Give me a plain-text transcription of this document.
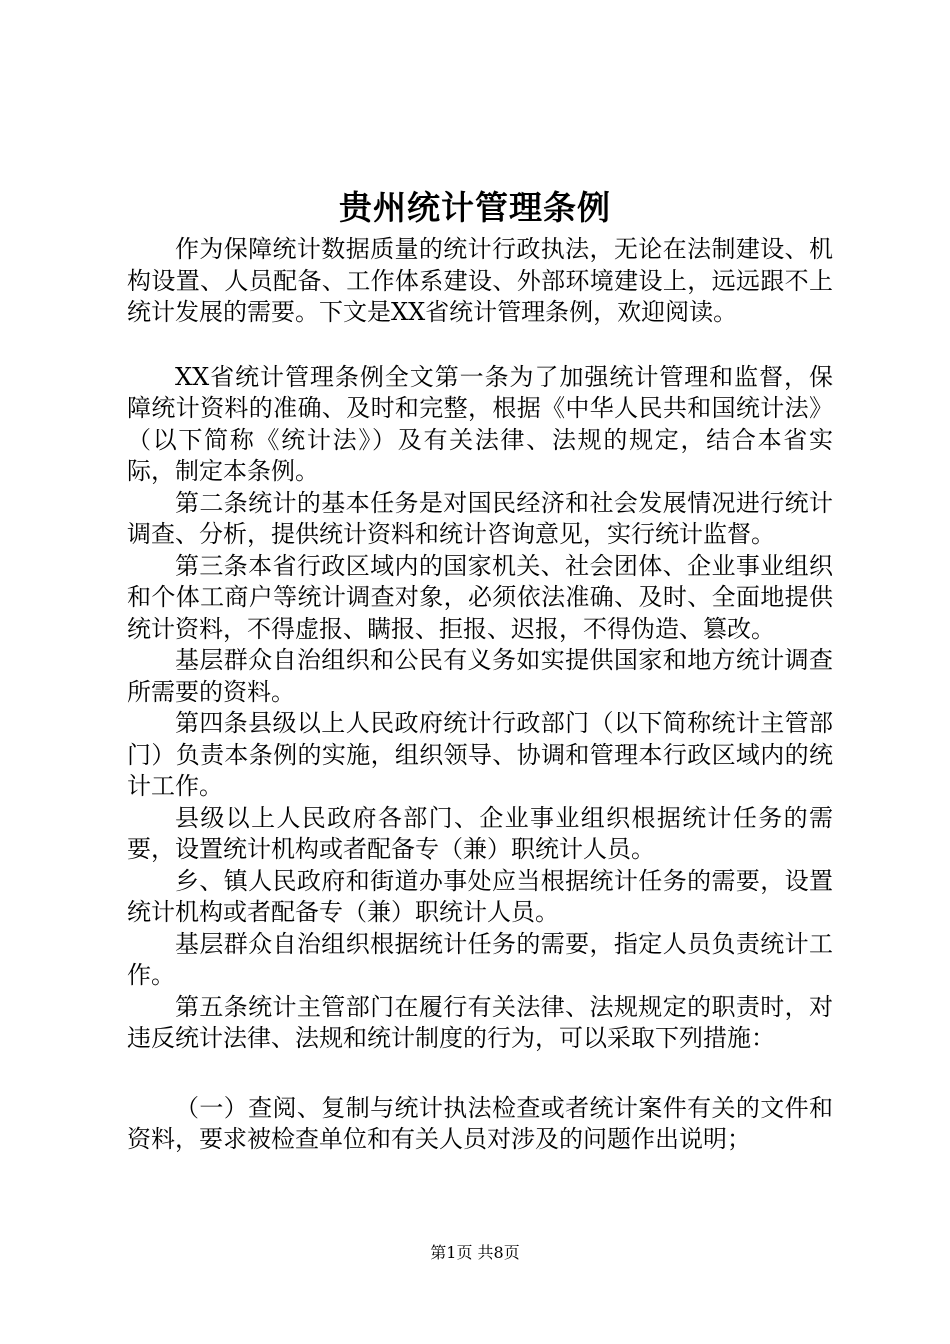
贵州统计管理条例

作为保障统计数据质量的统计行政执法，无论在法制建设、机构设置、人员配备、工作体系建设、外部环境建设上，远远跟不上统计发展的需要。下文是XX省统计管理条例，欢迎阅读。

XX省统计管理条例全文第一条为了加强统计管理和监督，保障统计资料的准确、及时和完整，根据《中华人民共和国统计法》（以下简称《统计法》）及有关法律、法规的规定，结合本省实际，制定本条例。

第二条统计的基本任务是对国民经济和社会发展情况进行统计调查、分析，提供统计资料和统计咨询意见，实行统计监督。

第三条本省行政区域内的国家机关、社会团体、企业事业组织和个体工商户等统计调查对象，必须依法准确、及时、全面地提供统计资料，不得虚报、瞒报、拒报、迟报，不得伪造、篡改。

基层群众自治组织和公民有义务如实提供国家和地方统计调查所需要的资料。

第四条县级以上人民政府统计行政部门（以下简称统计主管部门）负责本条例的实施，组织领导、协调和管理本行政区域内的统计工作。

县级以上人民政府各部门、企业事业组织根据统计任务的需要，设置统计机构或者配备专（兼）职统计人员。

乡、镇人民政府和街道办事处应当根据统计任务的需要，设置统计机构或者配备专（兼）职统计人员。

基层群众自治组织根据统计任务的需要，指定人员负责统计工作。

第五条统计主管部门在履行有关法律、法规规定的职责时，对违反统计法律、法规和统计制度的行为，可以采取下列措施：

（一）查阅、复制与统计执法检查或者统计案件有关的文件和资料，要求被检查单位和有关人员对涉及的问题作出说明；

第1页 共8页
